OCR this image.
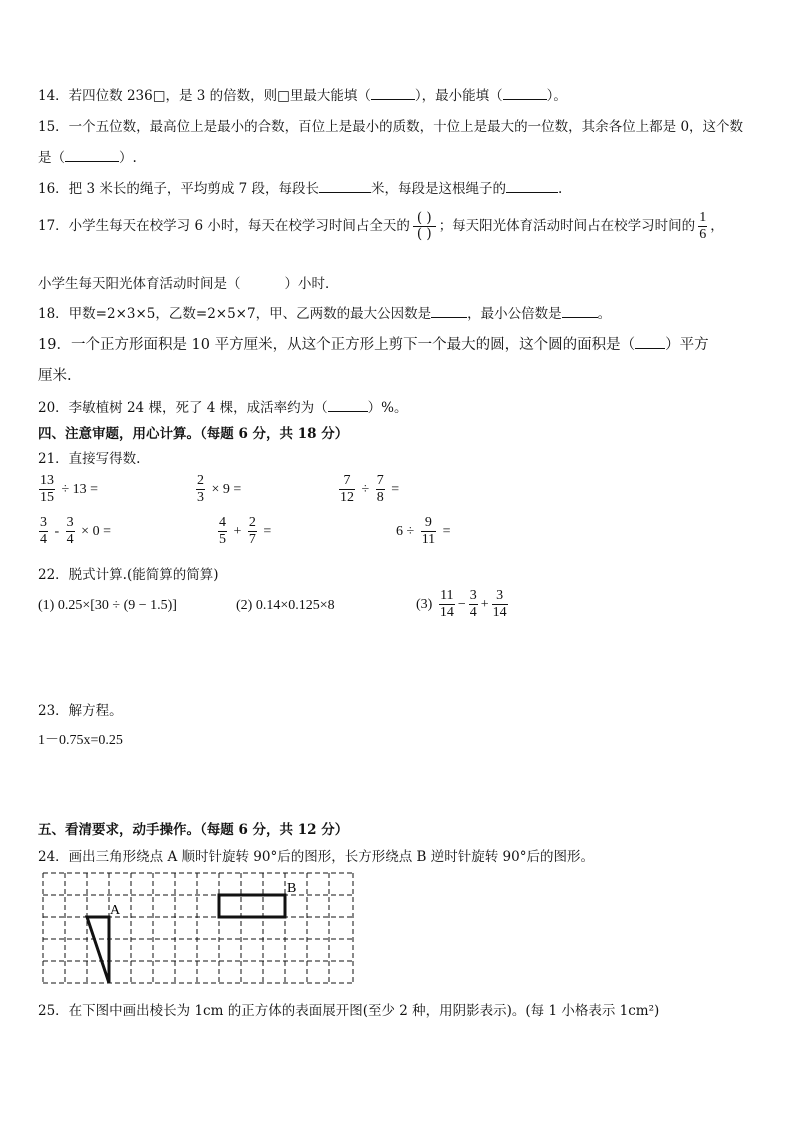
14．若四位数 236□，是 3 的倍数，则□里最大能填（	），最小能填（	）。
15．一个五位数，最高位上是最小的合数，百位上是最小的质数，十位上是最大的一位数，其余各位上都是 0，这个数
是（	）.
16．把 3 米长的绳子，平均剪成 7 段，每段长	米，每段是这根绳子的	.
17．小学生每天在校学习 6 小时，每天在校学习时间占全天的 $\frac{( )}{( )}$ ；每天阳光体育活动时间占在校学习时间的 $\frac{1}{6}$ ，
小学生每天阳光体育活动时间是（	）小时．
18．甲数=2×3×5，乙数=2×5×7，甲、乙两数的最大公因数是	，最小公倍数是	。
19．一个正方形面积是 10 平方厘米，从这个正方形上剪下一个最大的圆，这个圆的面积是（ ）平方
厘米.
20．李敏植树 24 棵，死了 4 棵，成活率约为（	）%。
四、注意审题，用心计算。（每题 6 分，共 18 分）
21．直接写得数.
$\frac{13}{15} \div 13$ =	$\frac{2}{3} \times 9$ =	$\frac{7}{12} \div \frac{7}{8}$ =
$\frac{3}{4} - \frac{3}{4} \times 0$ =	$\frac{4}{5} + \frac{2}{7}$ =	$6 \div \frac{9}{11}$ =
22．脱式计算.(能简算的简算)
(1) 0.25×[30 ÷ (9 − 1.5)]	(2) 0.14×0.125×8	$(3) \frac{11}{14} - \frac{3}{4} + \frac{3}{14}$
23．解方程。
1－0.75x=0.25
五、看清要求，动手操作。（每题 6 分，共 12 分）
24．画出三角形绕点 A 顺时针旋转 90°后的图形，长方形绕点 B 逆时针旋转 90°后的图形。
A
B
25．在下图中画出棱长为 1cm 的正方体的表面展开图(至少 2 种，用阴影表示)。(每 1 小格表示 1cm²)
